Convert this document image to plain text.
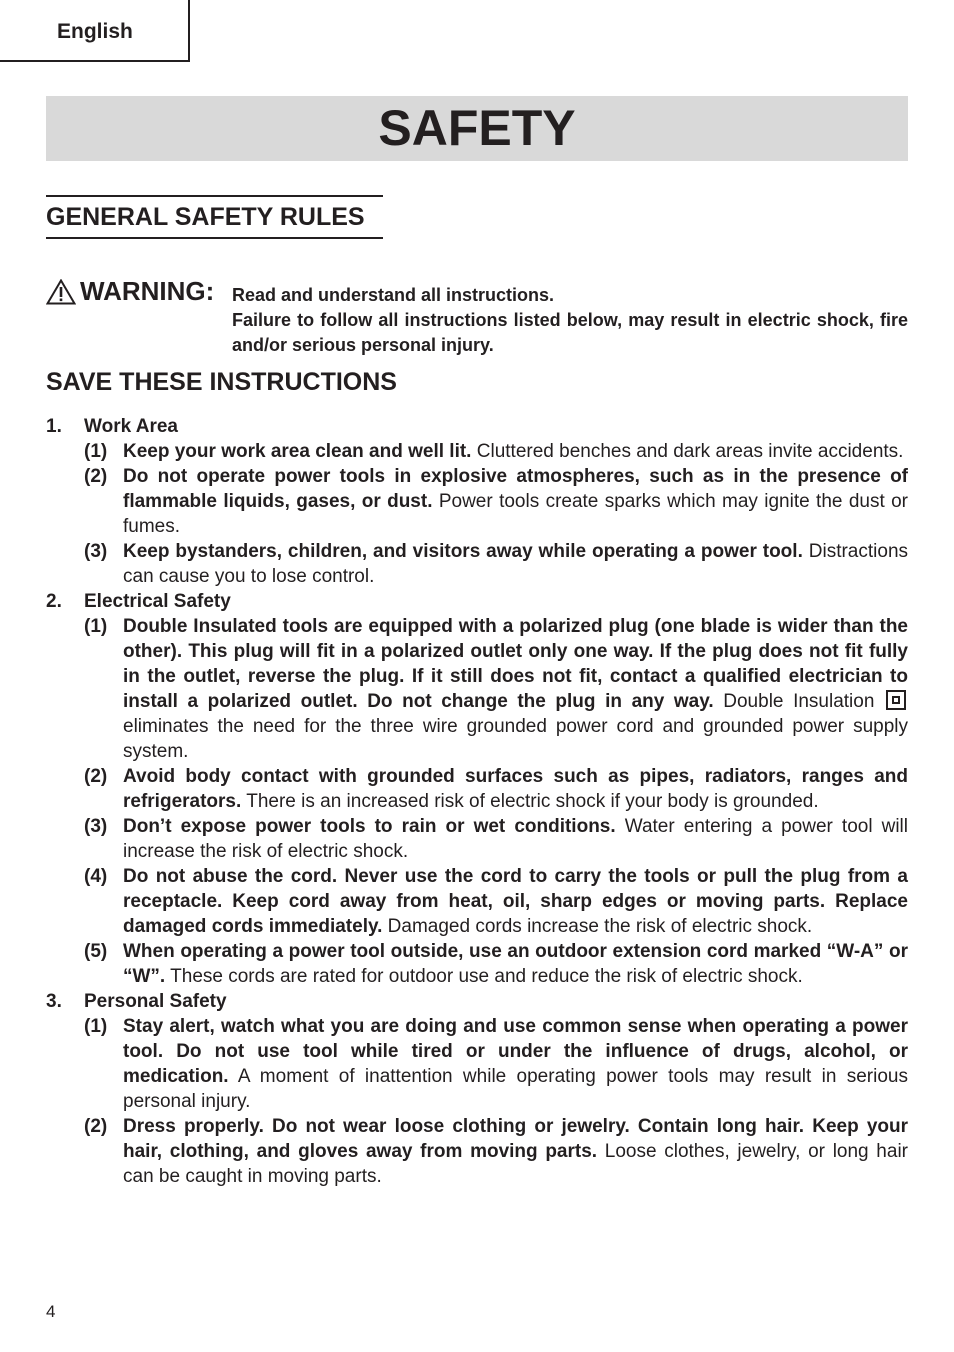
English
SAFETY
GENERAL SAFETY RULES
WARNING: Read and understand all instructions.

Failure to follow all instructions listed below, may result in electric shock, fire and/or serious personal injury.

SAVE THESE INSTRUCTIONS
1. Work Area
(1) Keep your work area clean and well lit. Cluttered benches and dark areas invite accidents.
(2) Do not operate power tools in explosive atmospheres, such as in the presence of flammable liquids, gases, or dust. Power tools create sparks which may ignite the dust or fumes.
(3) Keep bystanders, children, and visitors away while operating a power tool. Distractions can cause you to lose control.
2. Electrical Safety
(1) Double Insulated tools are equipped with a polarized plug (one blade is wider than the other). This plug will fit in a polarized outlet only one way. If the plug does not fit fully in the outlet, reverse the plug. If it still does not fit, contact a qualified electrician to install a polarized outlet. Do not change the plug in any way. Double Insulation  eliminates the need for the three wire grounded power cord and grounded power supply system.
(2) Avoid body contact with grounded surfaces such as pipes, radiators, ranges and refrigerators. There is an increased risk of electric shock if your body is grounded.
(3) Don’t expose power tools to rain or wet conditions. Water entering a power tool will increase the risk of electric shock.
(4) Do not abuse the cord. Never use the cord to carry the tools or pull the plug from a receptacle. Keep cord away from heat, oil, sharp edges or moving parts. Replace damaged cords immediately. Damaged cords increase the risk of electric shock.
(5) When operating a power tool outside, use an outdoor extension cord marked “W-A” or “W”. These cords are rated for outdoor use and reduce the risk of electric shock.
3. Personal Safety
(1) Stay alert, watch what you are doing and use common sense when operating a power tool. Do not use tool while tired or under the influence of drugs, alcohol, or medication. A moment of inattention while operating power tools may result in serious personal injury.
(2) Dress properly. Do not wear loose clothing or jewelry. Contain long hair. Keep your hair, clothing, and gloves away from moving parts. Loose clothes, jewelry, or long hair can be caught in moving parts.
4
